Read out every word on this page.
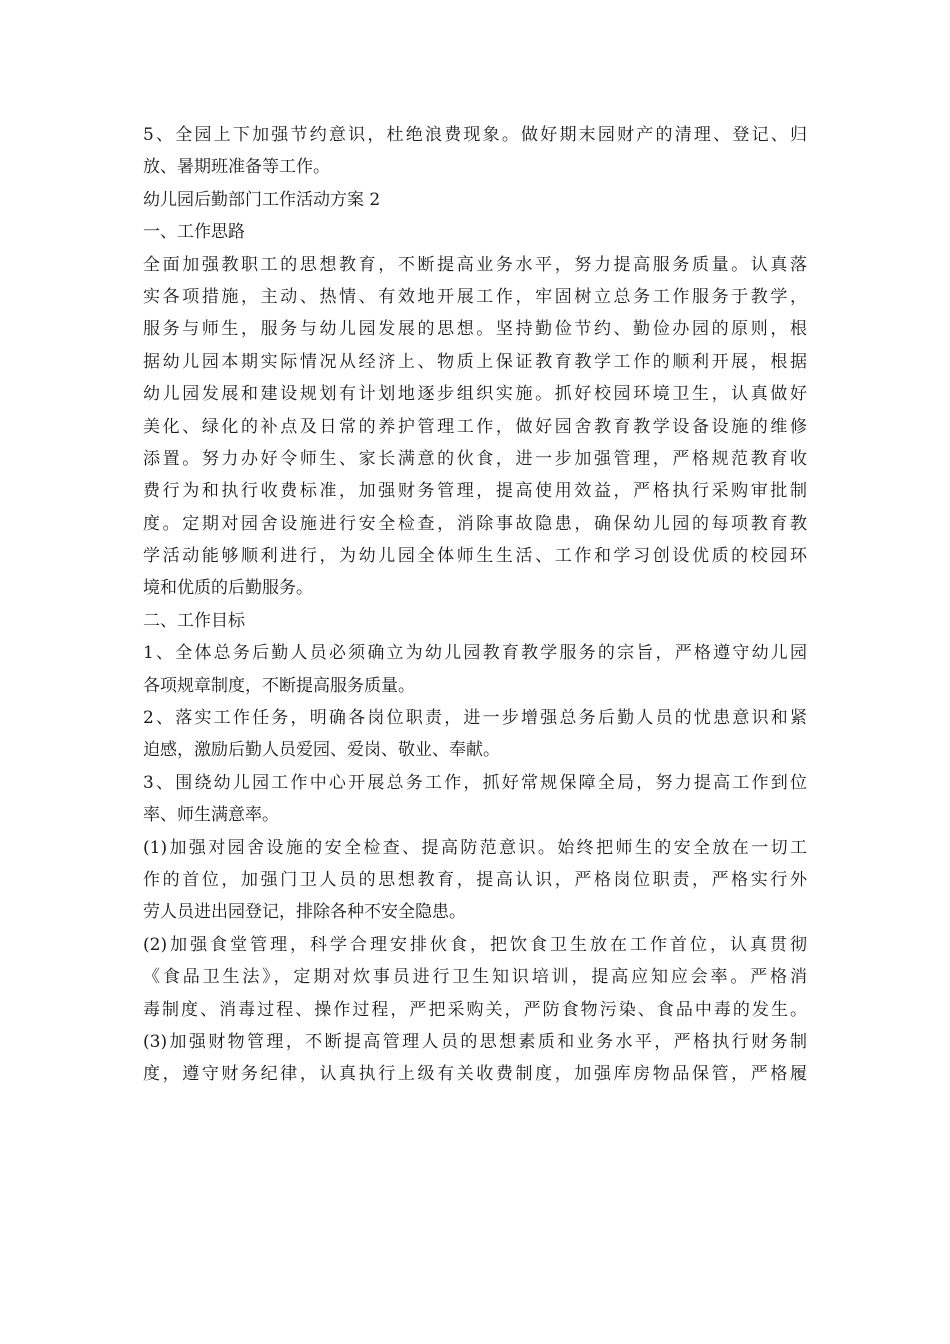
5、全园上下加强节约意识，杜绝浪费现象。做好期末园财产的清理、登记、归
放、暑期班准备等工作。
幼儿园后勤部门工作活动方案 2
一、工作思路
全面加强教职工的思想教育，不断提高业务水平，努力提高服务质量。认真落
实各项措施，主动、热情、有效地开展工作，牢固树立总务工作服务于教学，
服务与师生，服务与幼儿园发展的思想。坚持勤俭节约、勤俭办园的原则，根
据幼儿园本期实际情况从经济上、物质上保证教育教学工作的顺利开展，根据
幼儿园发展和建设规划有计划地逐步组织实施。抓好校园环境卫生，认真做好
美化、绿化的补点及日常的养护管理工作，做好园舍教育教学设备设施的维修
添置。努力办好令师生、家长满意的伙食，进一步加强管理，严格规范教育收
费行为和执行收费标准，加强财务管理，提高使用效益，严格执行采购审批制
度。定期对园舍设施进行安全检查，消除事故隐患，确保幼儿园的每项教育教
学活动能够顺利进行，为幼儿园全体师生生活、工作和学习创设优质的校园环
境和优质的后勤服务。
二、工作目标
1、全体总务后勤人员必须确立为幼儿园教育教学服务的宗旨，严格遵守幼儿园
各项规章制度，不断提高服务质量。
2、落实工作任务，明确各岗位职责，进一步增强总务后勤人员的忧患意识和紧
迫感，激励后勤人员爱园、爱岗、敬业、奉献。
3、围绕幼儿园工作中心开展总务工作，抓好常规保障全局，努力提高工作到位
率、师生满意率。
(1)加强对园舍设施的安全检查、提高防范意识。始终把师生的安全放在一切工
作的首位，加强门卫人员的思想教育，提高认识，严格岗位职责，严格实行外
劳人员进出园登记，排除各种不安全隐患。
(2)加强食堂管理，科学合理安排伙食，把饮食卫生放在工作首位，认真贯彻
《食品卫生法》，定期对炊事员进行卫生知识培训，提高应知应会率。严格消
毒制度、消毒过程、操作过程，严把采购关，严防食物污染、食品中毒的发生。
(3)加强财物管理，不断提高管理人员的思想素质和业务水平，严格执行财务制
度，遵守财务纪律，认真执行上级有关收费制度，加强库房物品保管，严格履
